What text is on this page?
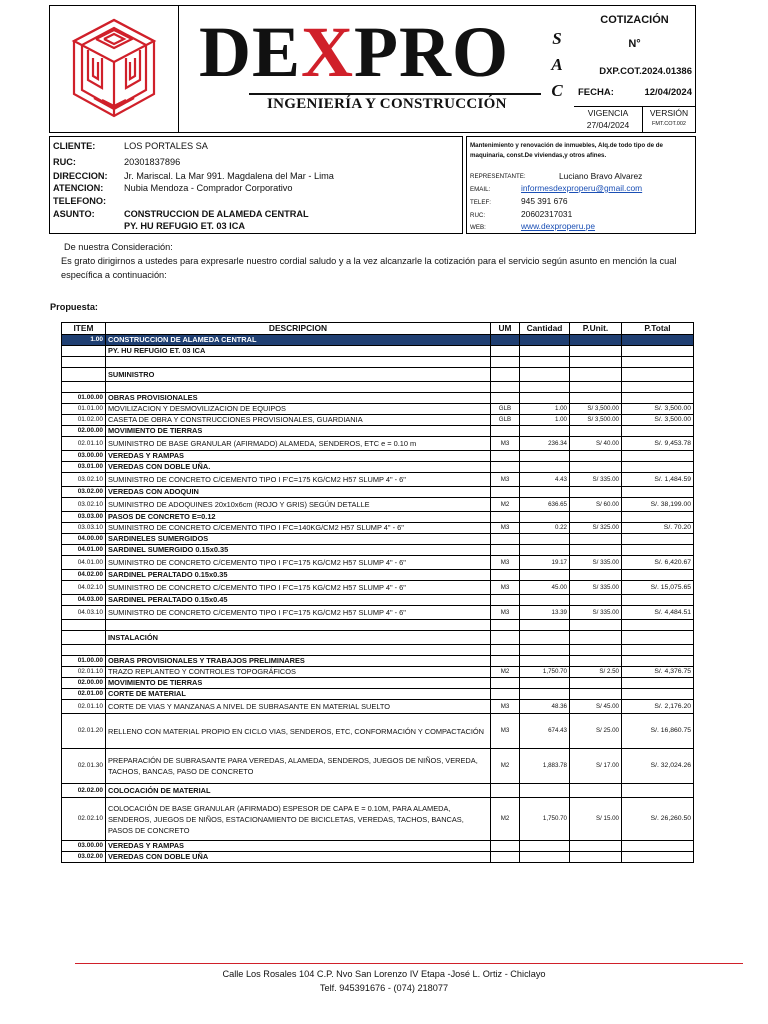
DEXPRO	S
A
C
INGENIERÍA Y CONSTRUCCIÓN
COTIZACIÓN
N°
DXP.COT.2024.01386
FECHA:	12/04/2024
VIGENCIA
27/04/2024
VERSIÓN
FMT.COT.002
CLIENTE:	LOS PORTALES SA
RUC:	20301837896
DIRECCION: Jr. Mariscal. La Mar 991. Magdalena del Mar - Lima
ATENCION: Nubia Mendoza - Comprador Corporativo
TELEFONO:
ASUNTO:	CONSTRUCCION DE ALAMEDA CENTRAL
PY. HU REFUGIO ET. 03 ICA
Mantenimiento y renovación de inmuebles, Alq.de todo tipo de de maquinaria, const.De viviendas,y otros afines.
REPRESENTANTE:	Luciano Bravo Alvarez
EMAIL:	informesdexproperu@gmail.com
TELEF:	945 391 676
RUC:	20602317031
WEB:	www.dexproperu.pe
De nuestra Consideración:
Es grato dirigirnos a ustedes para expresarle nuestro cordial saludo y a la vez alcanzarle la cotización para el servicio según asunto en mención la cual
específica a continuación:
Propuesta:
ITEM	DESCRIPCION	UM	Cantidad	P.Unit.	P.Total
1.00	CONSTRUCCION DE ALAMEDA CENTRAL				
	PY. HU REFUGIO ET. 03 ICA				

	SUMINISTRO				

01.00.00	OBRAS PROVISIONALES				
01.01.00	MOVILIZACION Y DESMOVILIZACION DE EQUIPOS	GLB	1.00	S/ 3,500.00	S/. 3,500.00
01.02.00	CASETA DE OBRA Y CONSTRUCCIONES PROVISIONALES, GUARDIANIA	GLB	1.00	S/ 3,500.00	S/. 3,500.00
02.00.00	MOVIMIENTO DE TIERRAS				
02.01.10	SUMINISTRO DE BASE GRANULAR (AFIRMADO) ALAMEDA, SENDEROS, ETC e = 0.10 m	M3	236.34	S/ 40.00	S/. 9,453.78
03.00.00	VEREDAS Y RAMPAS				
03.01.00	VEREDAS CON DOBLE UÑA.				
03.02.10	SUMINISTRO DE CONCRETO C/CEMENTO TIPO I F'C=175 KG/CM2 H57 SLUMP 4" - 6"	M3	4.43	S/ 335.00	S/. 1,484.59
03.02.00	VEREDAS CON ADOQUIN				
03.02.10	SUMINISTRO DE ADOQUINES 20x10x6cm (ROJO Y GRIS) SEGÚN DETALLE	M2	636.65	S/ 60.00	S/. 38,199.00
03.03.00	PASOS DE CONCRETO E=0.12				
03.03.10	SUMINISTRO DE CONCRETO C/CEMENTO TIPO I F'C=140KG/CM2 H57 SLUMP 4" - 6"	M3	0.22	S/ 325.00	S/. 70.20
04.00.00	SARDINELES SUMERGIDOS				
04.01.00	SARDINEL SUMERGIDO 0.15x0.35				
04.01.00	SUMINISTRO DE CONCRETO C/CEMENTO TIPO I F'C=175 KG/CM2 H57 SLUMP 4" - 6"	M3	19.17	S/ 335.00	S/. 6,420.67
04.02.00	SARDINEL PERALTADO 0.15x0.35				
04.02.10	SUMINISTRO DE CONCRETO C/CEMENTO TIPO I F'C=175 KG/CM2 H57 SLUMP 4" - 6"	M3	45.00	S/ 335.00	S/. 15,075.65
04.03.00	SARDINEL PERALTADO 0.15x0.45				
04.03.10	SUMINISTRO DE CONCRETO C/CEMENTO TIPO I F'C=175 KG/CM2 H57 SLUMP 4" - 6"	M3	13.39	S/ 335.00	S/. 4,484.51

	INSTALACIÓN				

01.00.00	OBRAS PROVISIONALES Y TRABAJOS PRELIMINARES				
02.01.10	TRAZO REPLANTEO Y CONTROLES TOPOGRÁFICOS	M2	1,750.70	S/ 2.50	S/. 4,376.75
02.00.00	MOVIMIENTO DE TIERRAS				
02.01.00	CORTE DE MATERIAL				
02.01.10	CORTE DE VIAS Y MANZANAS A NIVEL DE SUBRASANTE EN MATERIAL SUELTO	M3	48.36	S/ 45.00	S/. 2,176.20
02.01.20	RELLENO CON MATERIAL PROPIO EN CICLO VIAS, SENDEROS, ETC, CONFORMACIÓN Y COMPACTACIÓN	M3	674.43	S/ 25.00	S/. 16,860.75
02.01.30	PREPARACIÓN DE SUBRASANTE PARA VEREDAS, ALAMEDA, SENDEROS, JUEGOS DE NIÑOS, VEREDA, TACHOS, BANCAS, PASO DE CONCRETO	M2	1,883.78	S/ 17.00	S/. 32,024.26
02.02.00	COLOCACIÓN DE MATERIAL				
02.02.10	COLOCACIÓN DE BASE GRANULAR (AFIRMADO) ESPESOR DE CAPA E = 0.10M, PARA ALAMEDA, SENDEROS, JUEGOS DE NIÑOS, ESTACIONAMIENTO DE BICICLETAS, VEREDAS, TACHOS, BANCAS, PASOS DE CONCRETO	M2	1,750.70	S/ 15.00	S/. 26,260.50
03.00.00	VEREDAS Y RAMPAS				
03.02.00	VEREDAS CON DOBLE UÑA				
Calle Los Rosales 104 C.P. Nvo San Lorenzo IV Etapa -José L. Ortiz - Chiclayo
Telf. 945391676 - (074) 218077
